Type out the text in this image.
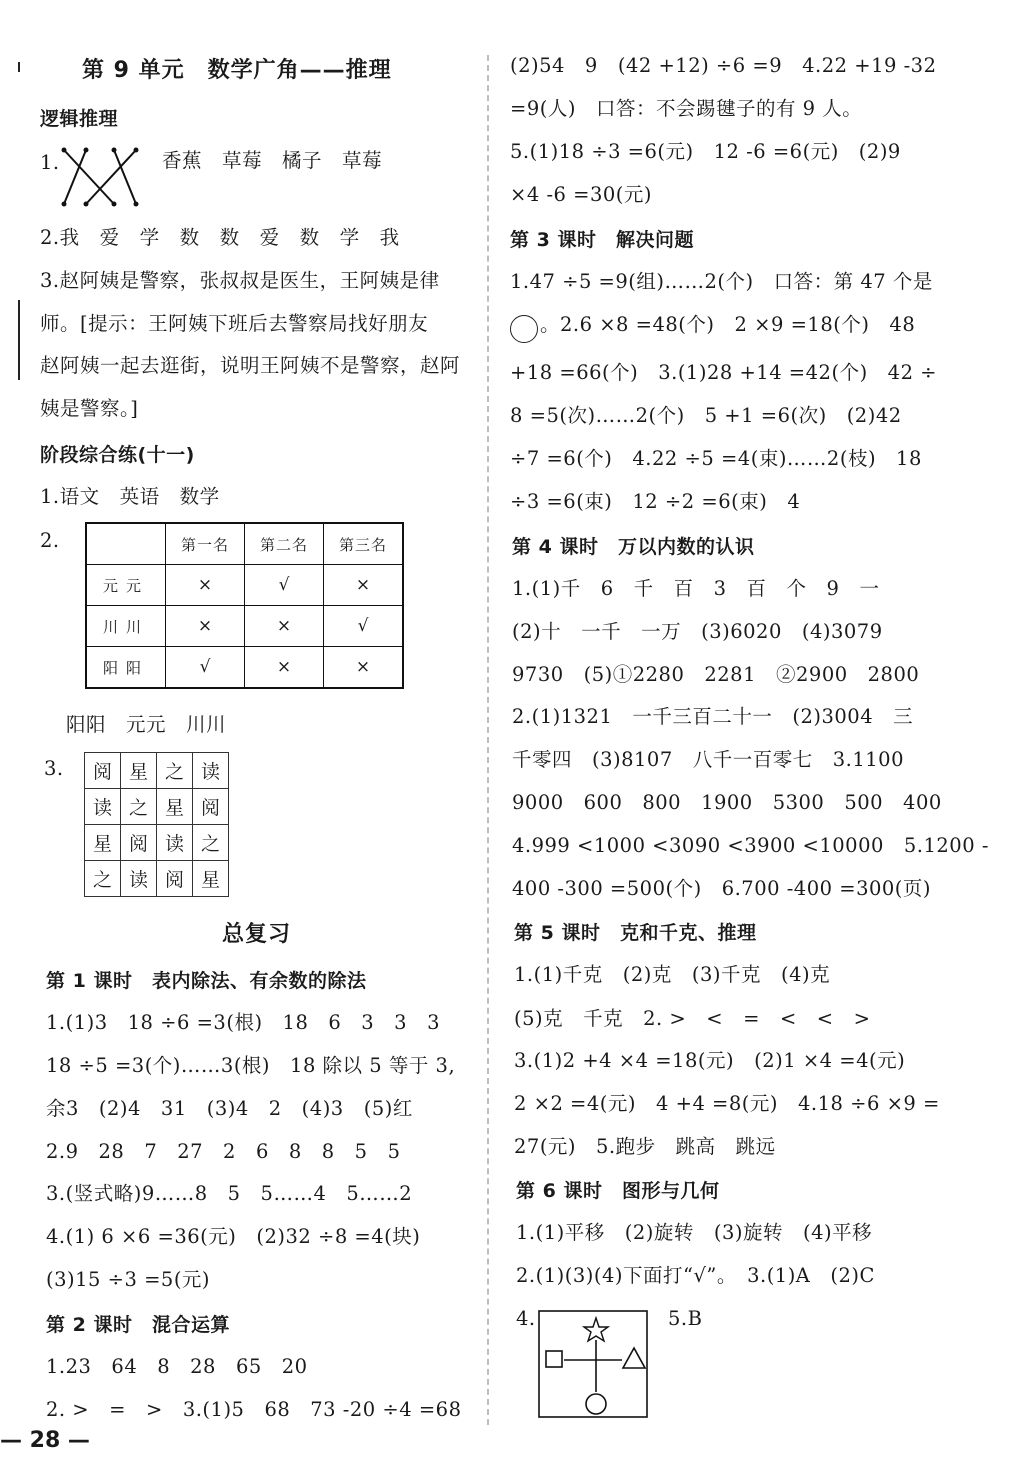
第 9 单元　数学广角——推理
逻辑推理
1.	香蕉　草莓　橘子　草莓
2.我　爱　学　数　数　爱　数　学　我
3.赵阿姨是警察，张叔叔是医生，王阿姨是律
师。[提示：王阿姨下班后去警察局找好朋友
赵阿姨一起去逛街，说明王阿姨不是警察，赵阿
姨是警察。]
阶段综合练(十一)
1.语文　英语　数学
2.
		第一名	第二名	第三名
元元	×	√	×
川川	×	×	√
阳阳	√	×	×
阳阳　元元　川川
3. 阅	星	之	读
读	之	星	阅
星	阅	读	之
之	读	阅	星
总复习
第 1 课时　表内除法、有余数的除法
1.(1)3　18 ÷6 =3(根)　18　6　3　3　3
18 ÷5 =3(个)……3(根)　18 除以 5 等于 3,
余3　(2)4　31　(3)4　2　(4)3　(5)红
2.9　28　7　27　2　6　8　8　5　5
3.(竖式略)9……8　5　5……4　5……2
4.(1) 6 ×6 =36(元)　(2)32 ÷8 =4(块)
(3)15 ÷3 =5(元)
第 2 课时　混合运算
1.23　64　8　28　65　20
2. >　=　>　3.(1)5　68　73 -20 ÷4 =68
— 28 —
(2)54　9　(42 +12) ÷6 =9　4.22 +19 -32
=9(人)　口答：不会踢毽子的有 9 人。
5.(1)18 ÷3 =6(元)　12 -6 =6(元)　(2)9
×4 -6 =30(元)
第 3 课时　解决问题
1.47 ÷5 =9(组)……2(个)　口答：第 47 个是
。2.6 ×8 =48(个)　2 ×9 =18(个)　48
+18 =66(个)　3.(1)28 +14 =42(个)　42 ÷
8 =5(次)……2(个)　5 +1 =6(次)　(2)42
÷7 =6(个)　4.22 ÷5 =4(束)……2(枝)　18
÷3 =6(束)　12 ÷2 =6(束)　4
第 4 课时　万以内数的认识
1.(1)千　6　千　百　3　百　个　9　一
(2)十　一千　一万　(3)6020　(4)3079
9730　(5)①2280　2281　②2900　2800
2.(1)1321　一千三百二十一　(2)3004　三
千零四　(3)8107　八千一百零七　3.1100
9000　600　800　1900　5300　500　400
4.999 <1000 <3090 <3900 <10000　5.1200 -
400 -300 =500(个)　6.700 -400 =300(页)
第 5 课时　克和千克、推理
1.(1)千克　(2)克　(3)千克　(4)克
(5)克　千克　2. >　<　=　<　<　>
3.(1)2 +4 ×4 =18(元)　(2)1 ×4 =4(元)
2 ×2 =4(元)　4 +4 =8(元)　4.18 ÷6 ×9 =
27(元)　5.跑步　跳高　跳远
第 6 课时　图形与几何
1.(1)平移　(2)旋转　(3)旋转　(4)平移
2.(1)(3)(4)下面打“√”。　3.(1)A　(2)C
4.	5.B
